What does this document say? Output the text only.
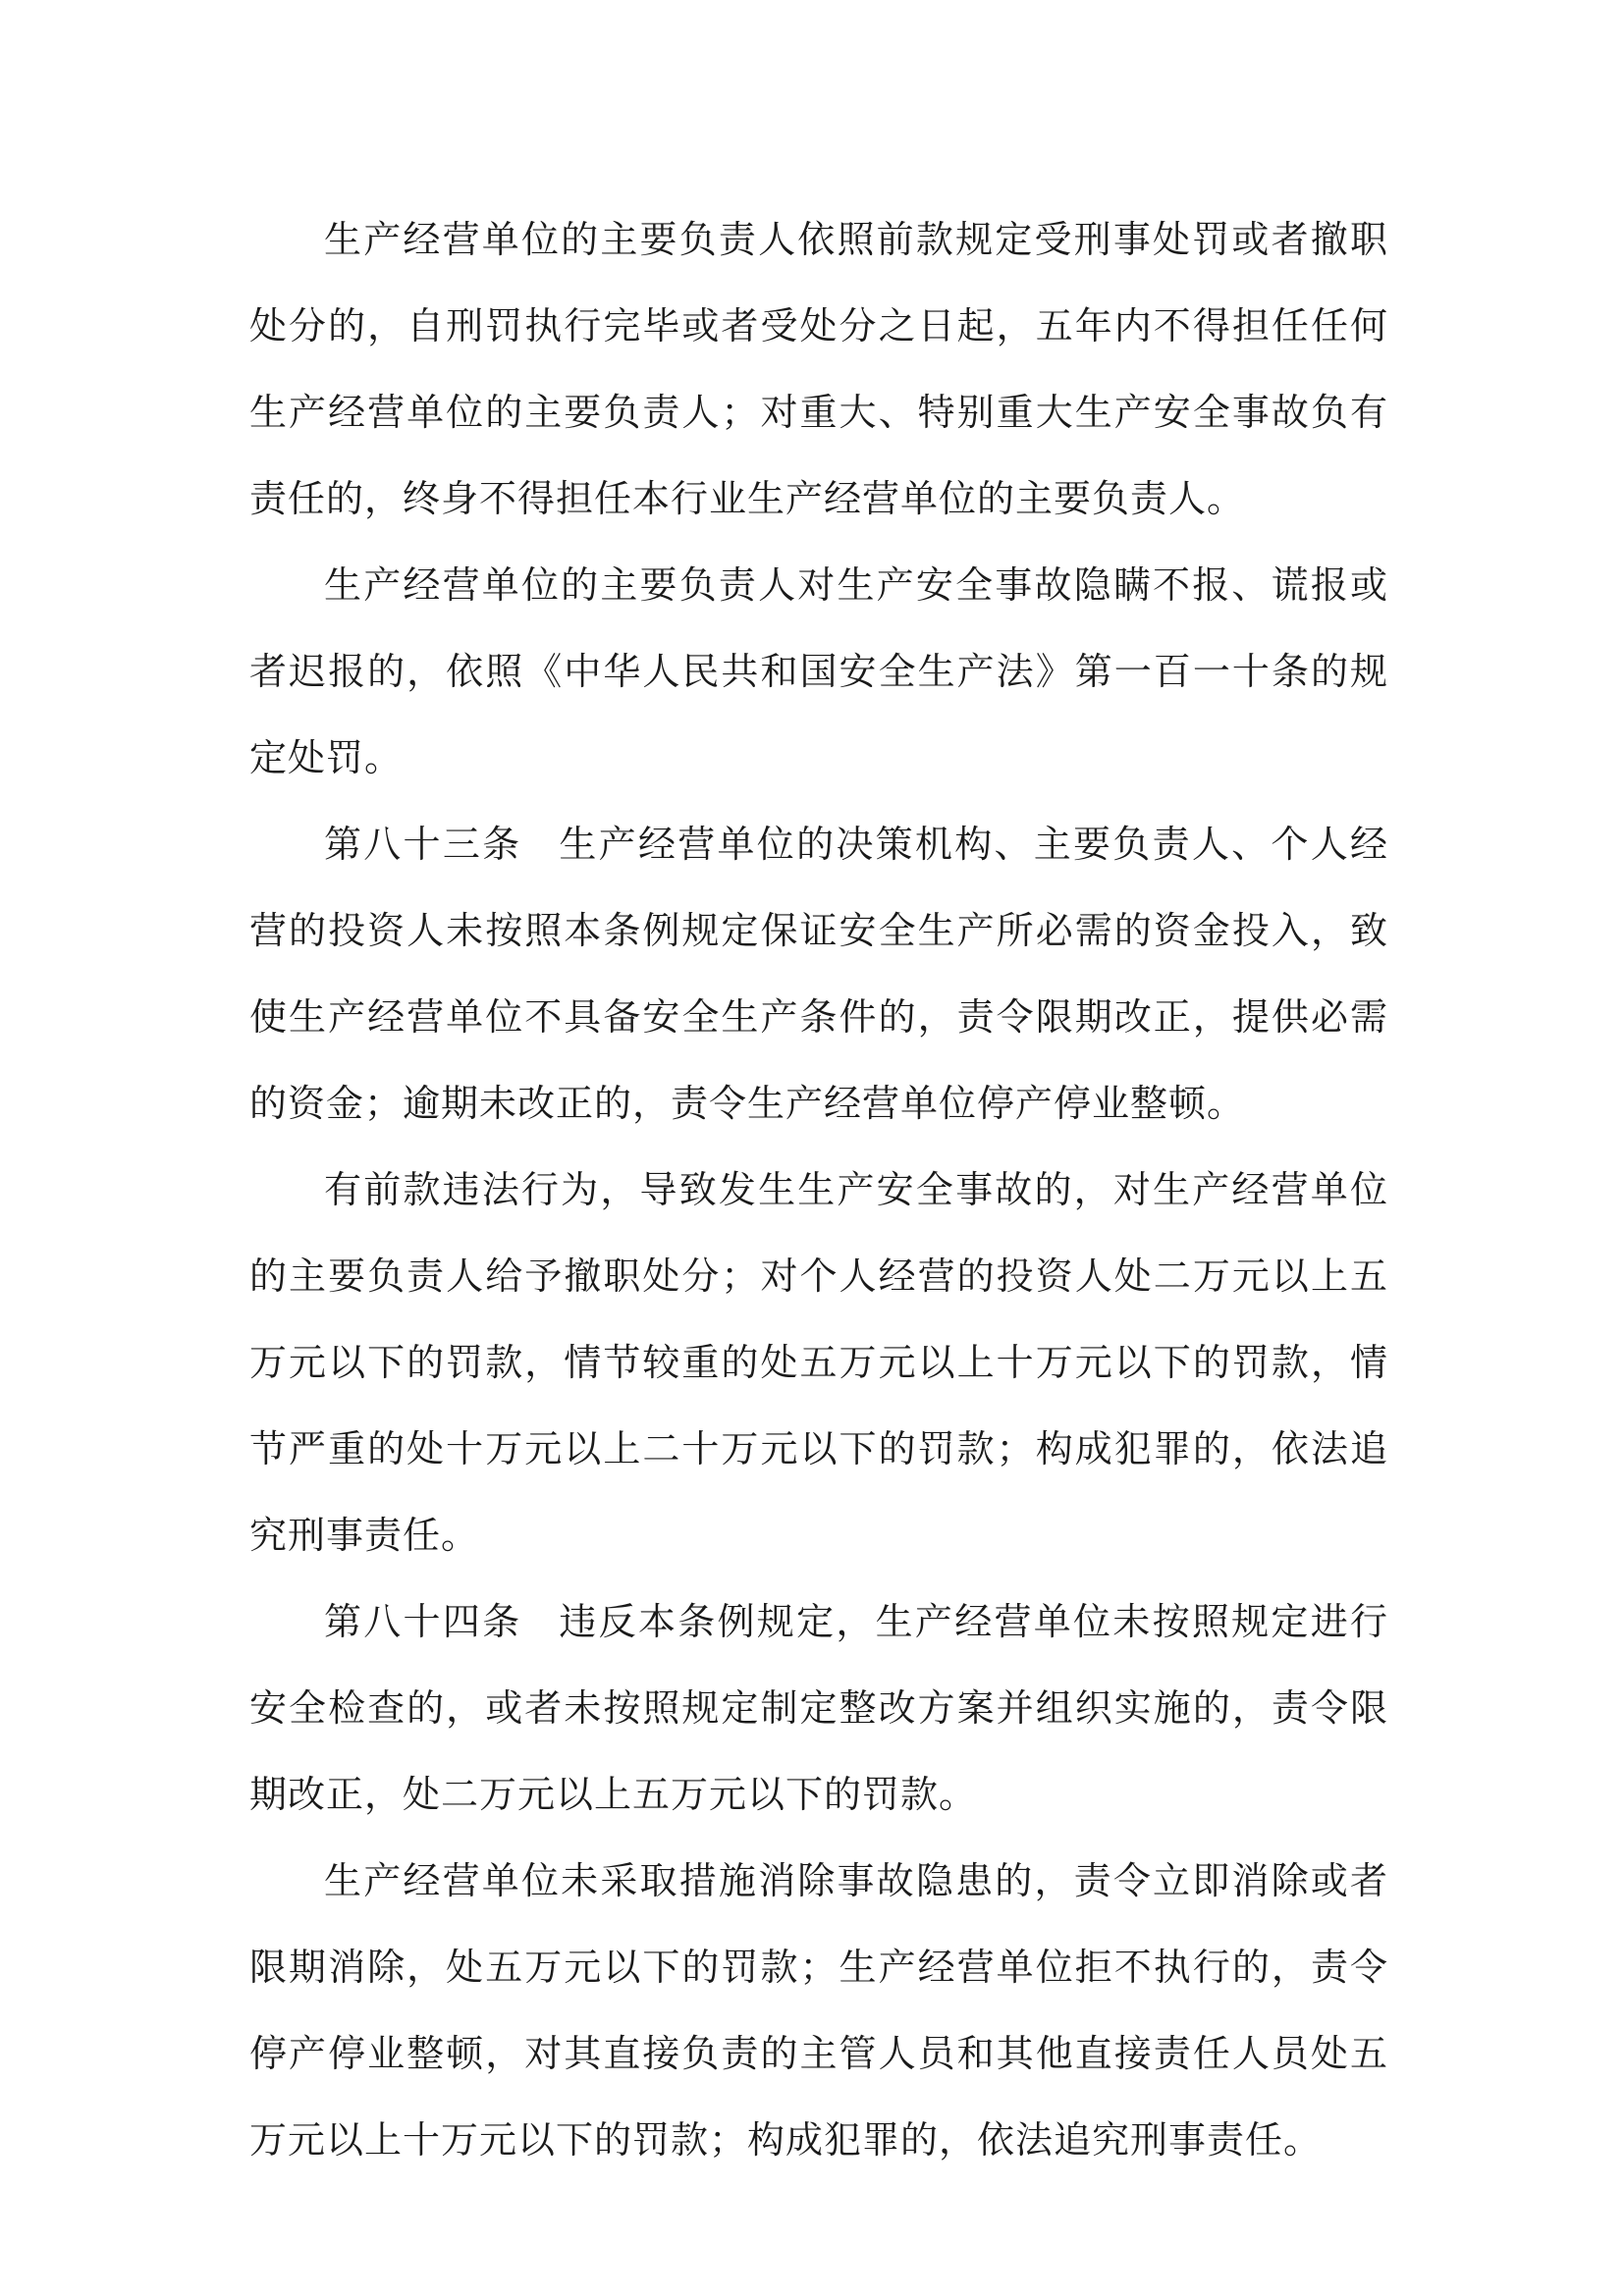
生产经营单位的主要负责人依照前款规定受刑事处罚或者撤职处分的，自刑罚执行完毕或者受处分之日起，五年内不得担任任何生产经营单位的主要负责人；对重大、特别重大生产安全事故负有责任的，终身不得担任本行业生产经营单位的主要负责人。

生产经营单位的主要负责人对生产安全事故隐瞒不报、谎报或者迟报的，依照《中华人民共和国安全生产法》第一百一十条的规定处罚。

第八十三条 生产经营单位的决策机构、主要负责人、个人经营的投资人未按照本条例规定保证安全生产所必需的资金投入，致使生产经营单位不具备安全生产条件的，责令限期改正，提供必需的资金；逾期未改正的，责令生产经营单位停产停业整顿。

有前款违法行为，导致发生生产安全事故的，对生产经营单位的主要负责人给予撤职处分；对个人经营的投资人处二万元以上五万元以下的罚款，情节较重的处五万元以上十万元以下的罚款，情节严重的处十万元以上二十万元以下的罚款；构成犯罪的，依法追究刑事责任。

第八十四条 违反本条例规定，生产经营单位未按照规定进行安全检查的，或者未按照规定制定整改方案并组织实施的，责令限期改正，处二万元以上五万元以下的罚款。

生产经营单位未采取措施消除事故隐患的，责令立即消除或者限期消除，处五万元以下的罚款；生产经营单位拒不执行的，责令停产停业整顿，对其直接负责的主管人员和其他直接责任人员处五万元以上十万元以下的罚款；构成犯罪的，依法追究刑事责任。
